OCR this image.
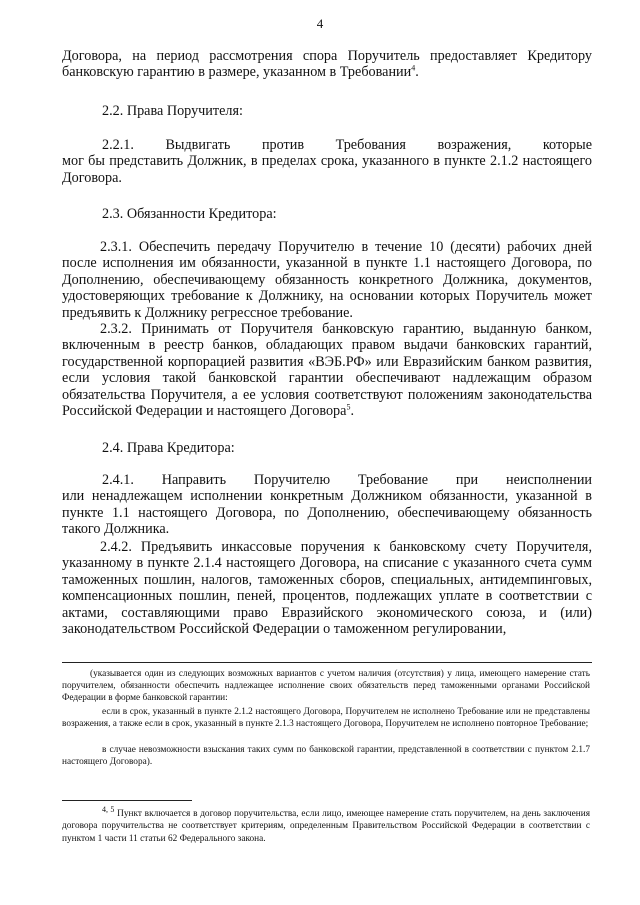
4
Договора, на период рассмотрения спора Поручитель предоставляет Кредитору банковскую гарантию в размере, указанном в Требовании$^4$.
2.2. Права Поручителя:
2.2.1. Выдвигать против Требования возражения, которые
мог бы представить Должник, в пределах срока, указанного в пункте 2.1.2 настоящего Договора.
2.3. Обязанности Кредитора:
2.3.1. Обеспечить передачу Поручителю в течение 10 (десяти) рабочих дней после исполнения им обязанности, указанной в пункте 1.1 настоящего Договора, по Дополнению, обеспечивающему обязанность конкретного Должника, документов, удостоверяющих требование к Должнику, на основании которых Поручитель может предъявить к Должнику регрессное требование.
2.3.2. Принимать от Поручителя банковскую гарантию, выданную банком, включенным в реестр банков, обладающих правом выдачи банковских гарантий, государственной корпорацией развития «ВЭБ.РФ» или Евразийским банком развития, если условия такой банковской гарантии обеспечивают надлежащим образом обязательства Поручителя, а ее условия соответствуют положениям законодательства Российской Федерации и настоящего Договора$^5$.
2.4. Права Кредитора:
2.4.1. Направить Поручителю Требование при неисполнении
или ненадлежащем исполнении конкретным Должником обязанности, указанной в пункте 1.1 настоящего Договора, по Дополнению, обеспечивающему обязанность такого Должника.
2.4.2. Предъявить инкассовые поручения к банковскому счету Поручителя, указанному в пункте 2.1.4 настоящего Договора, на списание с указанного счета сумм таможенных пошлин, налогов, таможенных сборов, специальных, антидемпинговых, компенсационных пошлин, пеней, процентов, подлежащих уплате в соответствии с актами, составляющими право Евразийского экономического союза, и (или) законодательством Российской Федерации о таможенном регулировании,
(указывается один из следующих возможных вариантов с учетом наличия (отсутствия) у лица, имеющего намерение стать поручителем, обязанности обеспечить надлежащее исполнение своих обязательств перед таможенными органами Российской Федерации в форме банковской гарантии:
если в срок, указанный в пункте 2.1.2 настоящего Договора, Поручителем не исполнено Требование или не представлены возражения, а также если в срок, указанный в пункте 2.1.3 настоящего Договора, Поручителем не исполнено повторное Требование;
в случае невозможности взыскания таких сумм по банковской гарантии, представленной в соответствии с пунктом 2.1.7 настоящего Договора).
$^{4, 5}$ Пункт включается в договор поручительства, если лицо, имеющее намерение стать поручителем, на день заключения договора поручительства не соответствует критериям, определенным Правительством Российской Федерации в соответствии с пунктом 1 части 11 статьи 62 Федерального закона.
